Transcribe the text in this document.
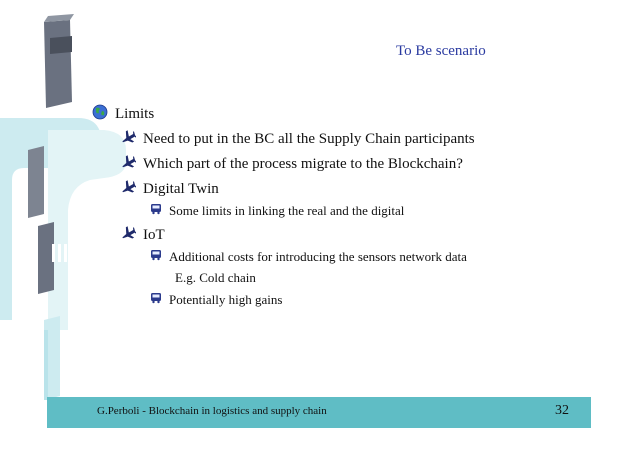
To Be scenario
Limits
Need to put in the BC all the Supply Chain participants
Which part of the process migrate to the Blockchain?
Digital Twin
Some limits in linking the real and the digital
IoT
Additional costs for introducing the sensors network data
E.g. Cold chain
Potentially high gains
G.Perboli - Blockchain in logistics and supply chain	32
